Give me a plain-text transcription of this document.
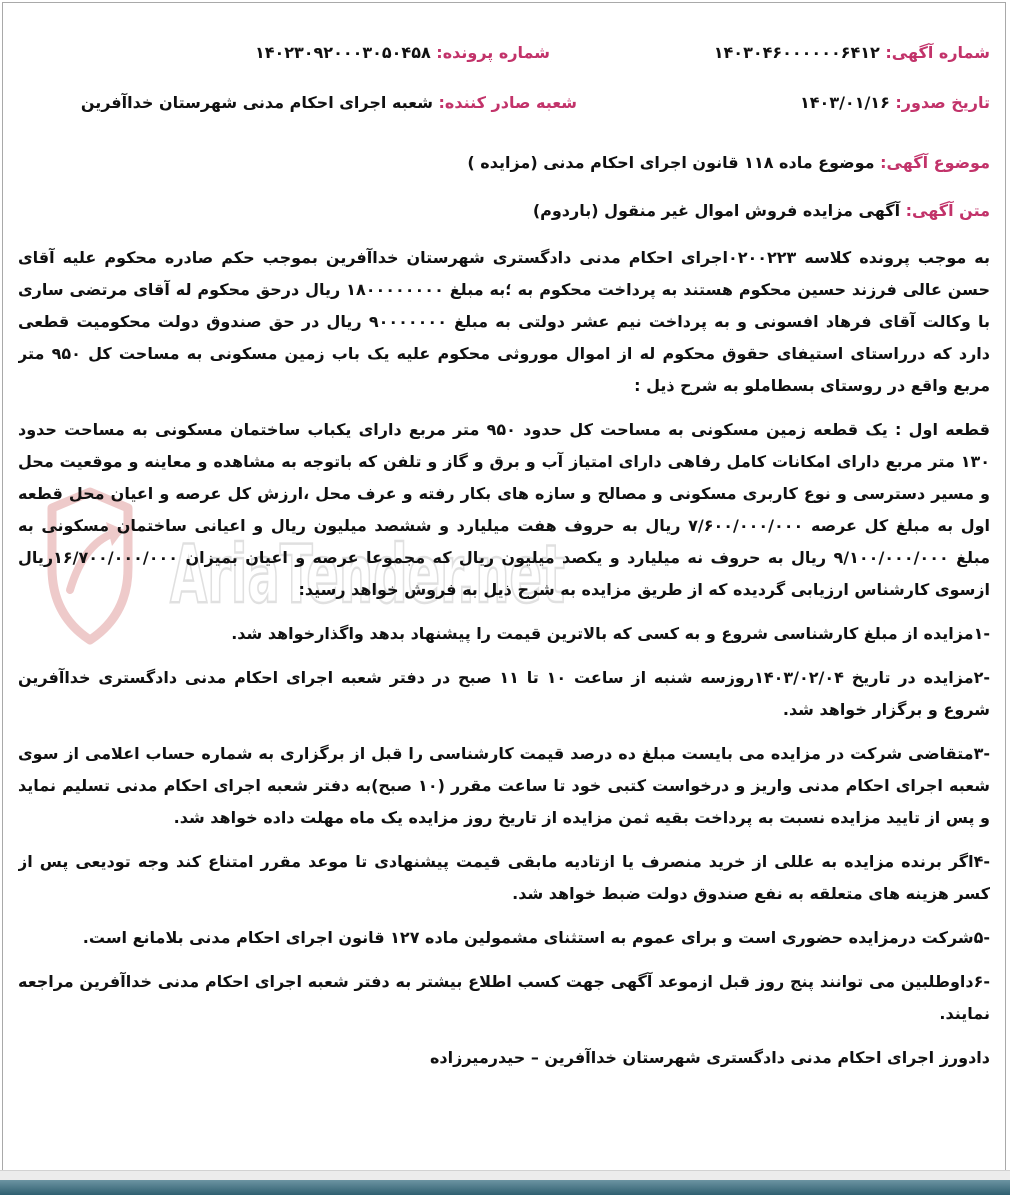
AriaTender.net
شماره آگهی: ۱۴۰۳۰۴۶۰۰۰۰۰۰۶۴۱۲
شماره پرونده: ۱۴۰۲۳۰۹۲۰۰۰۳۰۵۰۴۵۸
تاریخ صدور: ۱۴۰۳/۰۱/۱۶
شعبه صادر کننده: شعبه اجرای احکام مدنی شهرستان خداآفرین
موضوع آگهی: موضوع ماده ۱۱۸ قانون اجرای احکام مدنی (مزایده )
متن آگهی: آگهی مزایده فروش اموال غیر منقول (باردوم)

به موجب پرونده کلاسه ۰۲۰۰۲۲۳اجرای احکام مدنی دادگستری شهرستان خداآفرین بموجب حکم صادره محکوم علیه آقای حسن عالی فرزند حسین محکوم هستند به پرداخت محکوم به ؛به مبلغ ۱۸۰۰۰۰۰۰۰۰ ریال درحق محکوم له آقای مرتضی ساری با وکالت آقای فرهاد افسونی و به پرداخت نیم عشر دولتی به مبلغ ۹۰۰۰۰۰۰۰ ریال در حق صندوق دولت محکومیت قطعی دارد که درراستای استیفای حقوق محکوم له از اموال موروثی محکوم علیه یک باب زمین مسکونی به مساحت کل ۹۵۰ متر مربع واقع در روستای بسطاملو به شرح ذیل :

قطعه اول : یک قطعه زمین مسکونی به مساحت کل حدود ۹۵۰ متر مربع دارای یکباب ساختمان مسکونی به مساحت حدود ۱۳۰ متر مربع دارای امکانات کامل رفاهی دارای امتیاز آب و برق و گاز و تلفن که باتوجه به مشاهده و معاینه و موقعیت محل و مسیر دسترسی و نوع کاربری مسکونی و مصالح و سازه های بکار رفته و عرف محل ،ارزش کل عرصه و اعیان محل قطعه اول به مبلغ کل عرصه ۷/۶۰۰/۰۰۰/۰۰۰ ریال به حروف هفت میلیارد و ششصد میلیون ریال و اعیانی ساختمان مسکونی به مبلغ ۹/۱۰۰/۰۰۰/۰۰۰ ریال به حروف نه میلیارد و یکصد میلیون ریال که مجموعا عرصه و اعیان بمیزان ۱۶/۷۰۰/۰۰۰/۰۰۰ریال ازسوی کارشناس ارزیابی گردیده که از طریق مزایده به شرح ذیل به فروش خواهد رسید:

-۱مزایده از مبلغ کارشناسی شروع و به کسی که بالاترین قیمت را پیشنهاد بدهد واگذارخواهد شد.

-۲مزایده در تاریخ ۱۴۰۳/۰۲/۰۴روزسه شنبه از ساعت ۱۰ تا ۱۱ صبح در دفتر شعبه اجرای احکام مدنی دادگستری خداآفرین شروع و برگزار خواهد شد.

-۳متقاضی شرکت در مزایده می بایست مبلغ ده درصد قیمت کارشناسی را قبل از برگزاری به شماره حساب اعلامی از سوی شعبه اجرای احکام مدنی واریز و درخواست کتبی خود تا ساعت مقرر (۱۰ صبح)به دفتر شعبه اجرای احکام مدنی تسلیم نماید و پس از تایید مزایده نسبت به پرداخت بقیه ثمن مزایده از تاریخ روز مزایده یک ماه مهلت داده خواهد شد.

-۴اگر برنده مزایده به عللی از خرید منصرف یا ازتادیه مابقی قیمت پیشنهادی تا موعد مقرر امتناع کند وجه تودیعی پس از کسر هزینه های متعلقه به نفع صندوق دولت ضبط خواهد شد.

-۵شرکت درمزایده حضوری است و برای عموم به استثنای مشمولین ماده ۱۲۷ قانون اجرای احکام مدنی بلامانع است.

-۶داوطلبین می توانند پنج روز قبل ازموعد آگهی جهت کسب اطلاع بیشتر به دفتر شعبه اجرای احکام مدنی خداآفرین مراجعه نمایند.

دادورز اجرای احکام مدنی دادگستری شهرستان خداآفرین – حیدرمیرزاده
